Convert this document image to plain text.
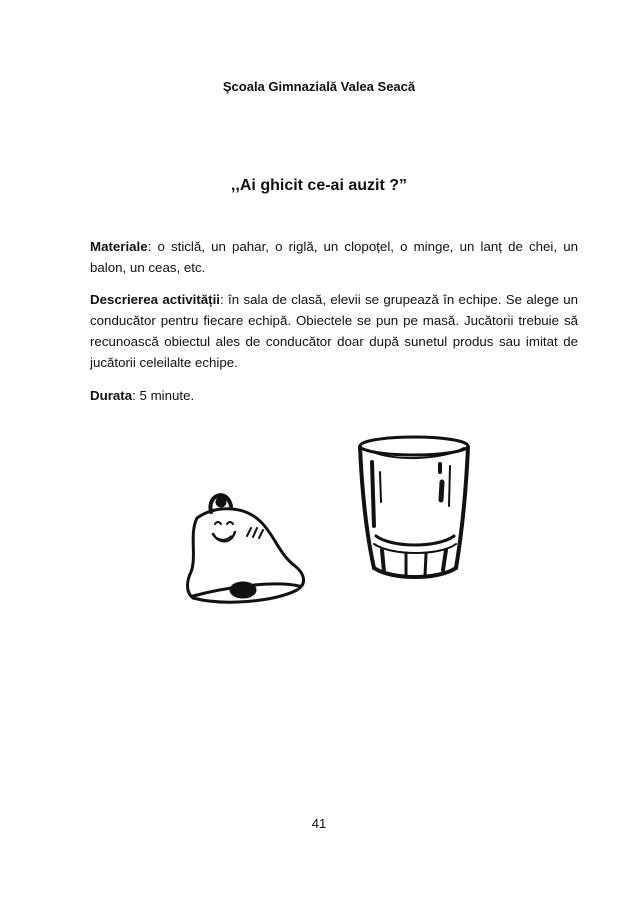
Şcoala Gimnazială Valea Seacă
,,Ai ghicit ce-ai auzit ?”

Materiale: o sticlă, un pahar, o riglă, un clopoțel, o minge, un lanț de chei, un balon, un ceas, etc.

Descrierea activității: în sala de clasă, elevii se grupează în echipe. Se alege un conducător pentru fiecare echipă. Obiectele se pun pe masă. Jucătorii trebuie să recunoască obiectul ales de conducător doar după sunetul produs sau imitat de jucătorii celeilalte echipe.

Durata: 5 minute.

41
